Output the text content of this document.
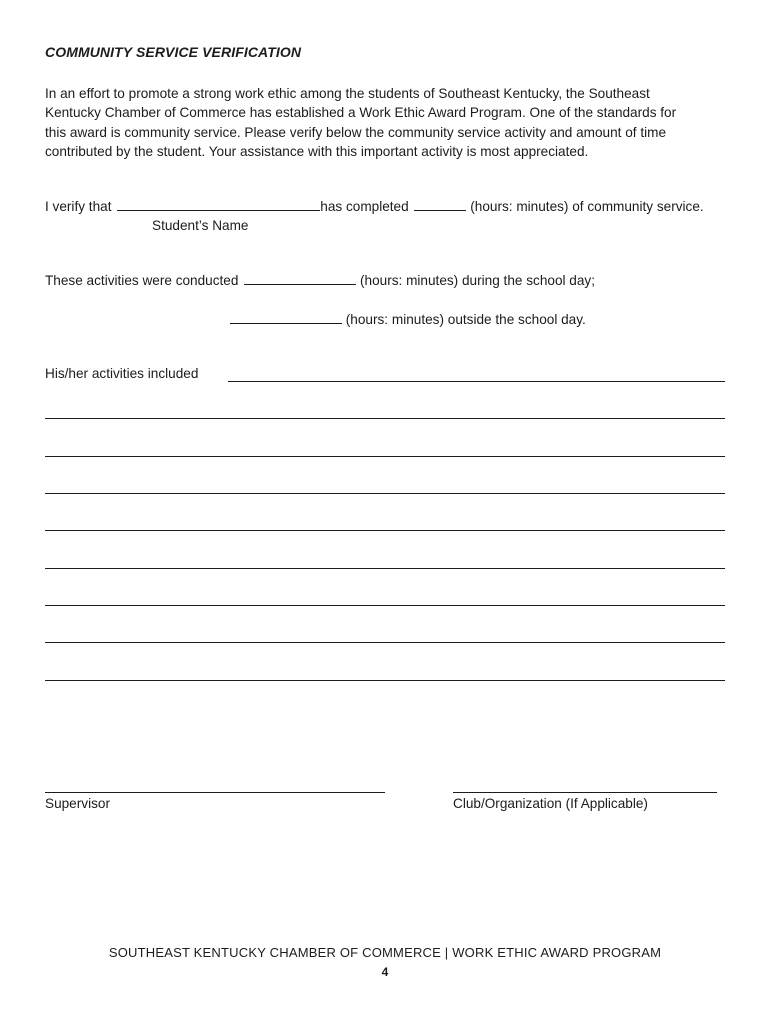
COMMUNITY SERVICE VERIFICATION
In an effort to promote a strong work ethic among the students of Southeast Kentucky, the Southeast
Kentucky Chamber of Commerce has established a Work Ethic Award Program. One of the standards for
this award is community service. Please verify below the community service activity and amount of time
contributed by the student. Your assistance with this important activity is most appreciated.
I verify that	has completed	(hours: minutes) of community service.
Student’s Name
These activities were conducted	(hours: minutes) during the school day;
(hours: minutes) outside the school day.
His/her activities included
Supervisor	Club/Organization (If Applicable)
SOUTHEAST KENTUCKY CHAMBER OF COMMERCE | WORK ETHIC AWARD PROGRAM
4
